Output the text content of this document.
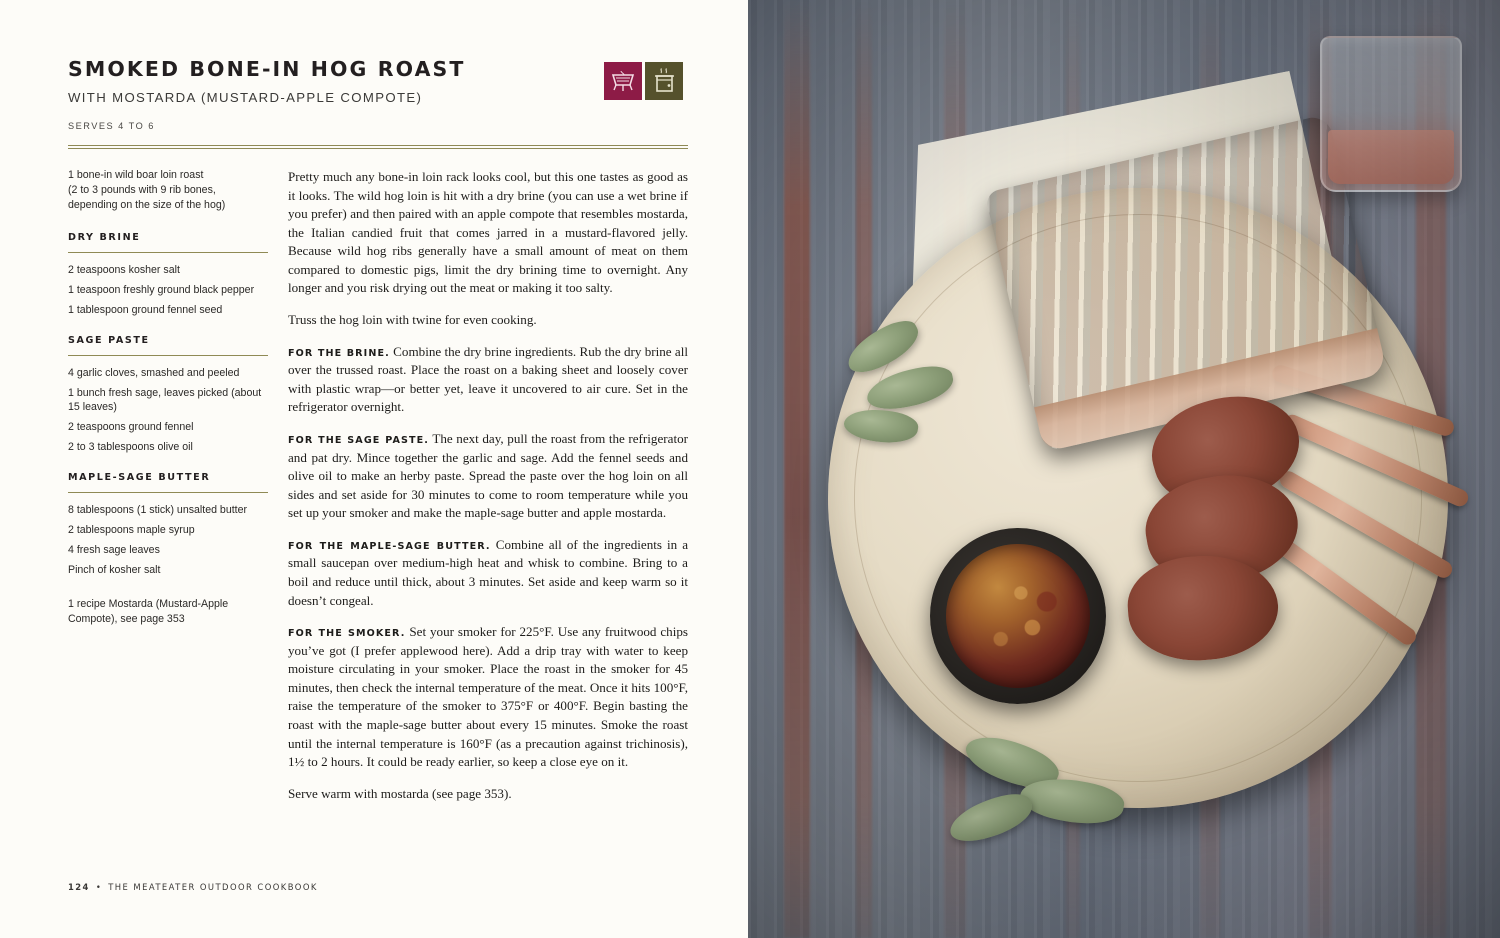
SMOKED BONE-IN HOG ROAST
WITH MOSTARDA (MUSTARD-APPLE COMPOTE)
SERVES 4 TO 6
1 bone-in wild boar loin roast
(2 to 3 pounds with 9 rib bones,
depending on the size of the hog)
DRY BRINE

2 teaspoons kosher salt

1 teaspoon freshly ground black pepper

1 tablespoon ground fennel seed

SAGE PASTE

4 garlic cloves, smashed and peeled

1 bunch fresh sage, leaves picked (about 15 leaves)

2 teaspoons ground fennel

2 to 3 tablespoons olive oil

MAPLE-SAGE BUTTER

8 tablespoons (1 stick) unsalted butter

2 tablespoons maple syrup

4 fresh sage leaves

Pinch of kosher salt

1 recipe Mostarda (Mustard-Apple Compote), see page 353

Pretty much any bone-in loin rack looks cool, but this one tastes as good as it looks. The wild hog loin is hit with a dry brine (you can use a wet brine if you prefer) and then paired with an apple compote that resembles mostarda, the Italian candied fruit that comes jarred in a mustard-flavored jelly. Because wild hog ribs generally have a small amount of meat on them compared to domestic pigs, limit the dry brining time to overnight. Any longer and you risk drying out the meat or making it too salty.

Truss the hog loin with twine for even cooking.

FOR THE BRINE. Combine the dry brine ingredients. Rub the dry brine all over the trussed roast. Place the roast on a baking sheet and loosely cover with plastic wrap—or better yet, leave it uncovered to air cure. Set in the refrigerator overnight.

FOR THE SAGE PASTE. The next day, pull the roast from the refrigerator and pat dry. Mince together the garlic and sage. Add the fennel seeds and olive oil to make an herby paste. Spread the paste over the hog loin on all sides and set aside for 30 minutes to come to room temperature while you set up your smoker and make the maple-sage butter and apple mostarda.

FOR THE MAPLE-SAGE BUTTER. Combine all of the ingredients in a small saucepan over medium-high heat and whisk to combine. Bring to a boil and reduce until thick, about 3 minutes. Set aside and keep warm so it doesn’t congeal.

FOR THE SMOKER. Set your smoker for 225°F. Use any fruitwood chips you’ve got (I prefer applewood here). Add a drip tray with water to keep moisture circulating in your smoker. Place the roast in the smoker for 45 minutes, then check the internal temperature of the meat. Once it hits 100°F, raise the temperature of the smoker to 375°F or 400°F. Begin basting the roast with the maple-sage butter about every 15 minutes. Smoke the roast until the internal temperature is 160°F (as a precaution against trichinosis), 1½ to 2 hours. It could be ready earlier, so keep a close eye on it.

Serve warm with mostarda (see page 353).

124 • THE MEATEATER OUTDOOR COOKBOOK
